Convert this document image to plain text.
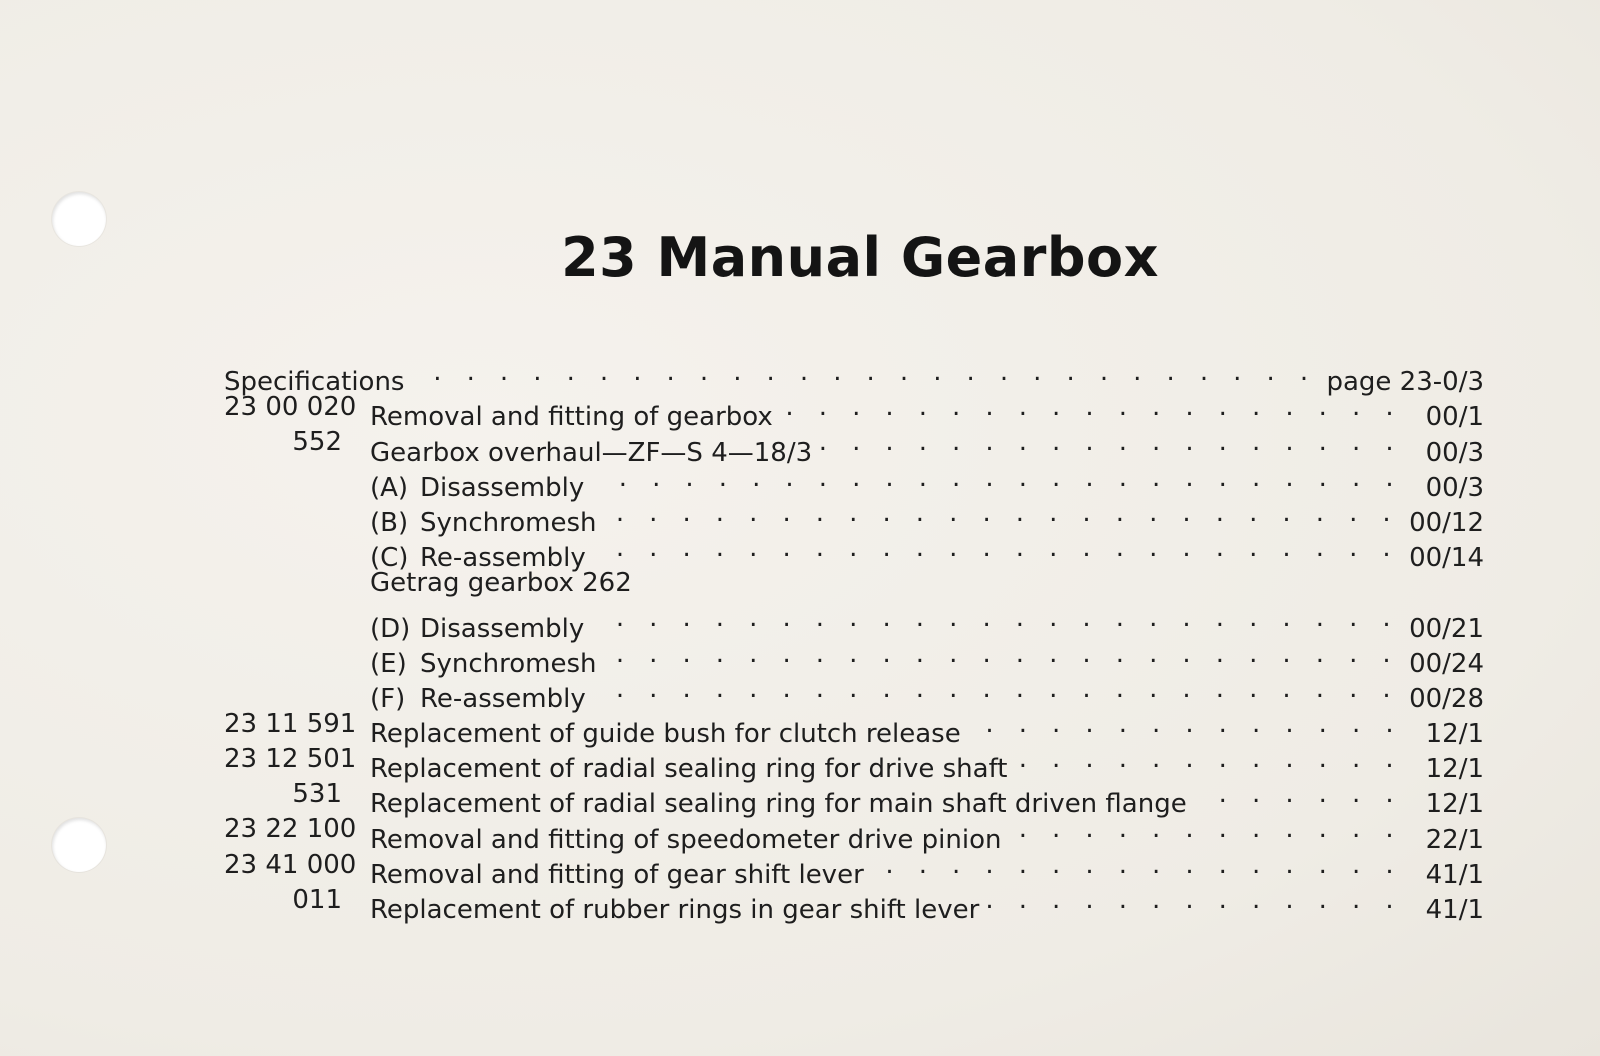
23 Manual Gearbox
Specifications . . .	page 23-0/3
23 00 020 Removal and fitting of gearbox . . .	00/1
552 Gearbox overhaul—ZF—S 4—18/3 . . .	00/3
(A) Disassembly . . .	00/3
(B) Synchromesh . . .	00/12
(C) Re-assembly . . .	00/14
Getrag gearbox 262
(D) Disassembly . . .	00/21
(E) Synchromesh . . .	00/24
(F) Re-assembly . . .	00/28
23 11 591 Replacement of guide bush for clutch release . . .	12/1
23 12 501 Replacement of radial sealing ring for drive shaft . . .	12/1
531 Replacement of radial sealing ring for main shaft driven flange . . .	12/1
23 22 100 Removal and fitting of speedometer drive pinion . . .	22/1
23 41 000 Removal and fitting of gear shift lever . . .	41/1
011 Replacement of rubber rings in gear shift lever . . .	41/1
